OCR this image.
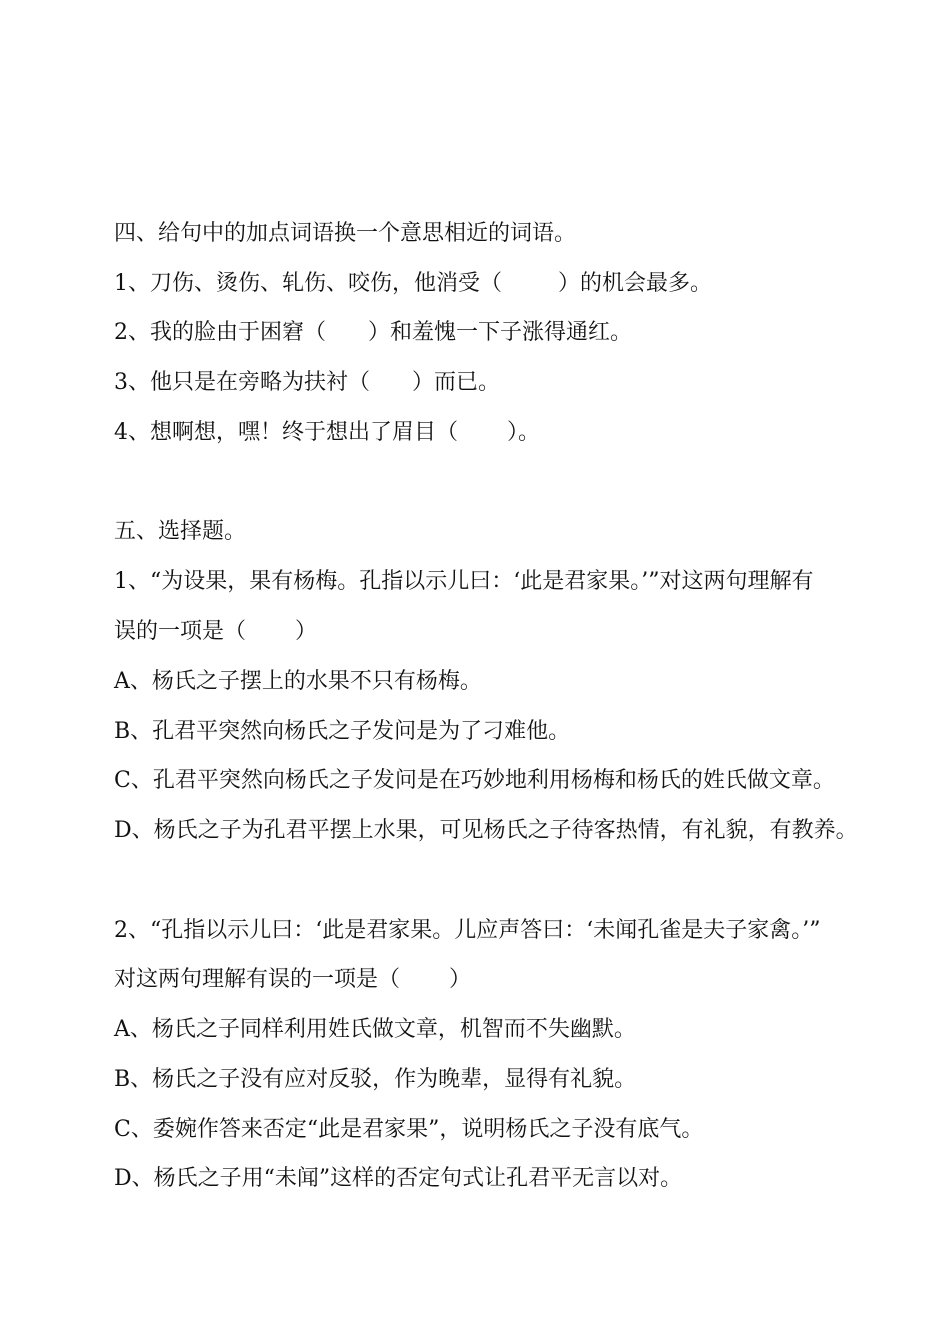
四、给句中的加点词语换一个意思相近的词语。
1、刀伤、烫伤、轧伤、咬伤，他消受（        ）的机会最多。
2、我的脸由于困窘（      ）和羞愧一下子涨得通红。
3、他只是在旁略为扶衬（      ）而已。
4、想啊想，嘿！终于想出了眉目（       ）。
五、选择题。
1、“为设果，果有杨梅。孔指以示儿曰：‘此是君家果。’”对这两句理解有
误的一项是（       ）
A、杨氏之子摆上的水果不只有杨梅。
B、孔君平突然向杨氏之子发问是为了刁难他。
C、孔君平突然向杨氏之子发问是在巧妙地利用杨梅和杨氏的姓氏做文章。
D、杨氏之子为孔君平摆上水果，可见杨氏之子待客热情，有礼貌，有教养。
2、“孔指以示儿曰：‘此是君家果。儿应声答曰：‘未闻孔雀是夫子家禽。’”
对这两句理解有误的一项是（       ）
A、杨氏之子同样利用姓氏做文章，机智而不失幽默。
B、杨氏之子没有应对反驳，作为晚辈，显得有礼貌。
C、委婉作答来否定“此是君家果”，说明杨氏之子没有底气。
D、杨氏之子用“未闻”这样的否定句式让孔君平无言以对。
